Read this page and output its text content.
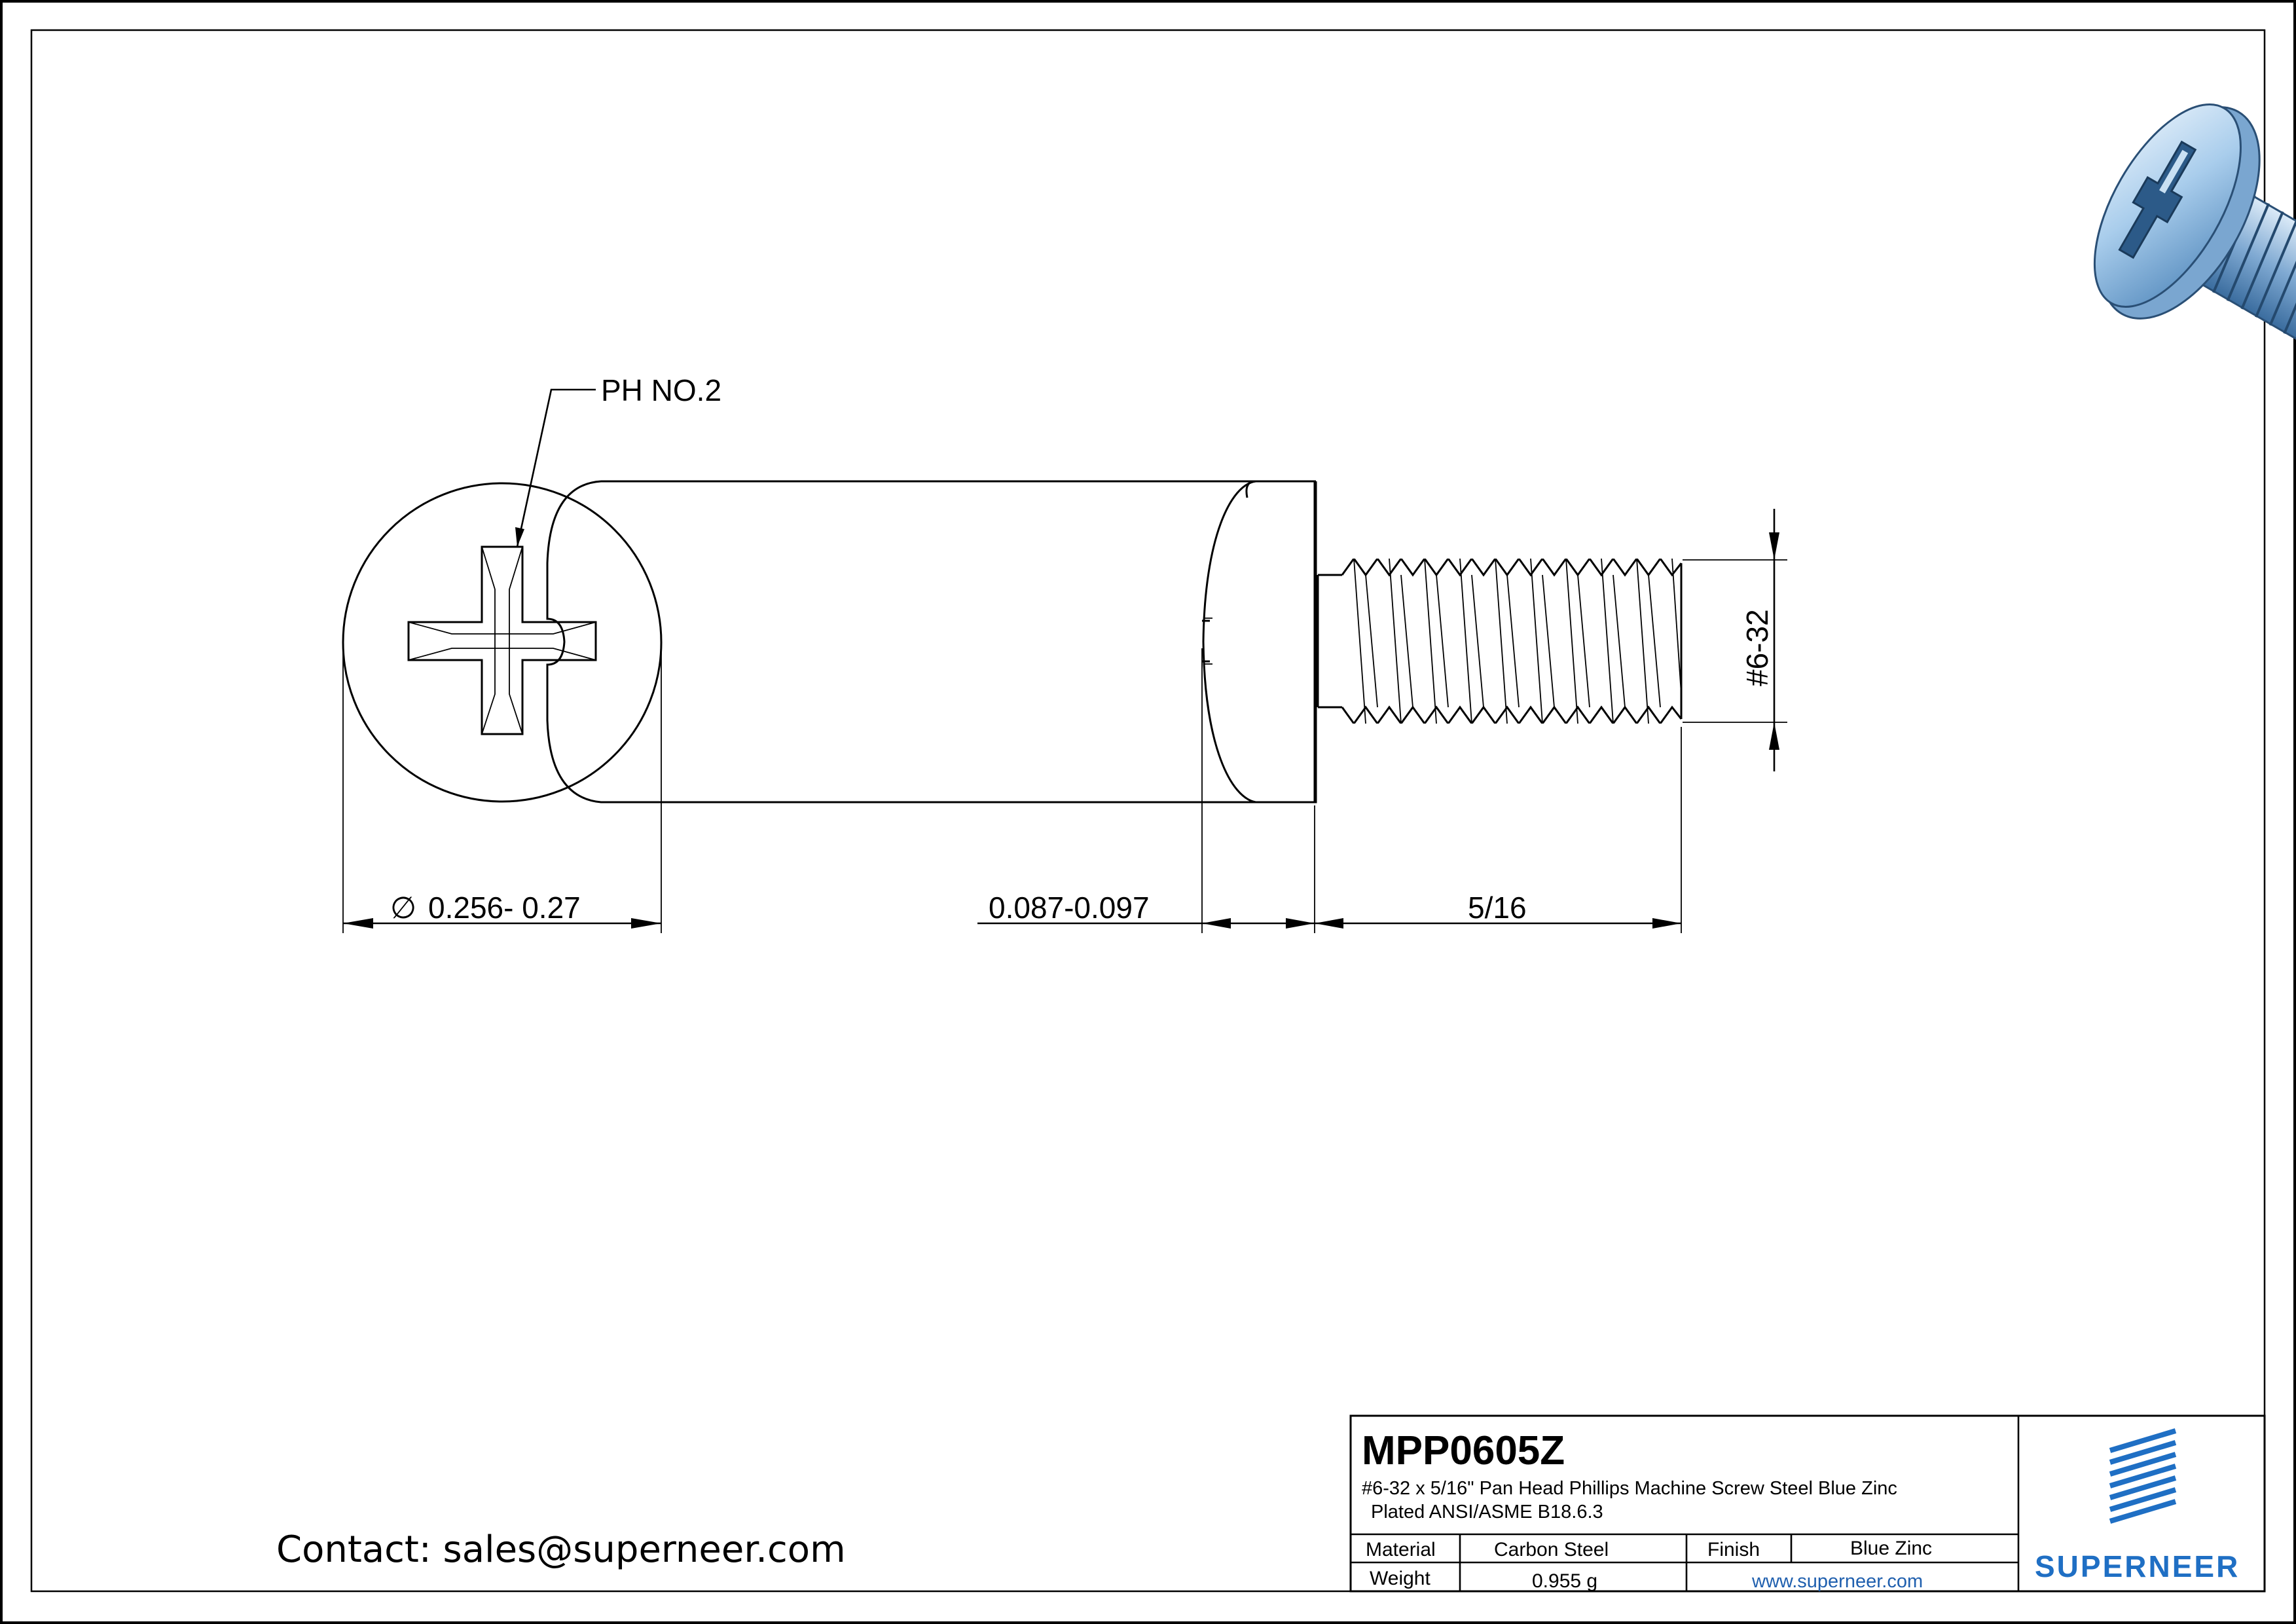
PH NO.2
∅ 0.256- 0.27	0.087-0.097	5/16
#6-32
MPP0605Z
#6-32 x 5/16" Pan Head Phillips Machine Screw Steel Blue Zinc
Plated ANSI/ASME B18.6.3
Material	Carbon Steel	Finish	Blue Zinc
Weight	0.955 g	www.superneer.com	SUPERNEER
Contact: sales@superneer.com
